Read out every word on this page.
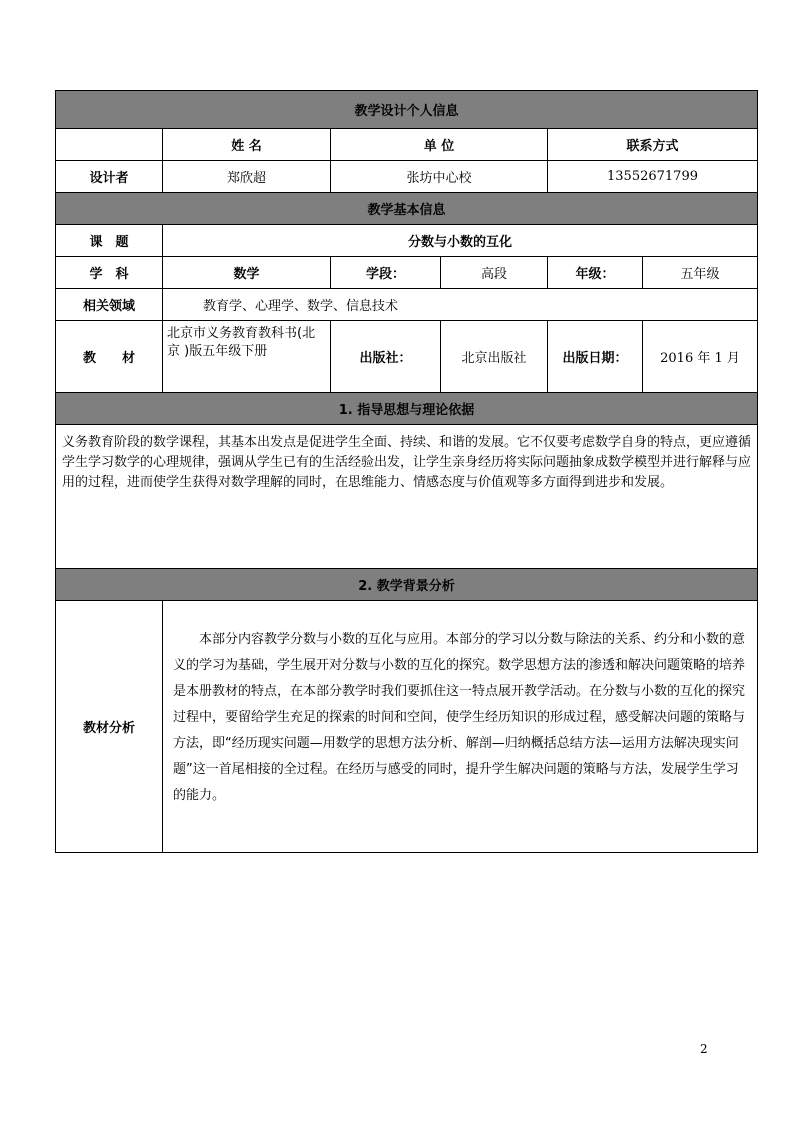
教学设计个人信息					
	姓 名	单 位		联系方式	
设计者	郑欣超	张坊中心校		13552671799	
教学基本信息					
课　题	分数与小数的互化				
学　科	数学	学段：	高段	年级：	五年级
相关领域	教育学、心理学、数学、信息技术				
教　　材	北京市义务教育教科书(北京 )版五年级下册	出版社：	北京出版社	出版日期：	2016 年 1 月
1. 指导思想与理论依据					

义务教育阶段的数学课程，其基本出发点是促进学生全面、持续、和谐的发展。它不仅要考虑数学自身的特点，更应遵循学生学习数学的心理规律，强调从学生已有的生活经验出发，让学生亲身经历将实际问题抽象成数学模型并进行解释与应用的过程，进而使学生获得对数学理解的同时，在思维能力、情感态度与价值观等多方面得到进步和发展。					

2. 教学背景分析					
教材分析	本部分内容教学分数与小数的互化与应用。本部分的学习以分数与除法的关系、约分和小数的意义的学习为基础，学生展开对分数与小数的互化的探究。数学思想方法的渗透和解决问题策略的培养是本册教材的特点，在本部分教学时我们要抓住这一特点展开教学活动。在分数与小数的互化的探究过程中，要留给学生充足的探索的时间和空间，使学生经历知识的形成过程，感受解决问题的策略与方法，即“经历现实问题—用数学的思想方法分析、解剖—归纳概括总结方法—运用方法解决现实问题”这一首尾相接的全过程。在经历与感受的同时，提升学生解决问题的策略与方法，发展学生学习的能力。				

2
